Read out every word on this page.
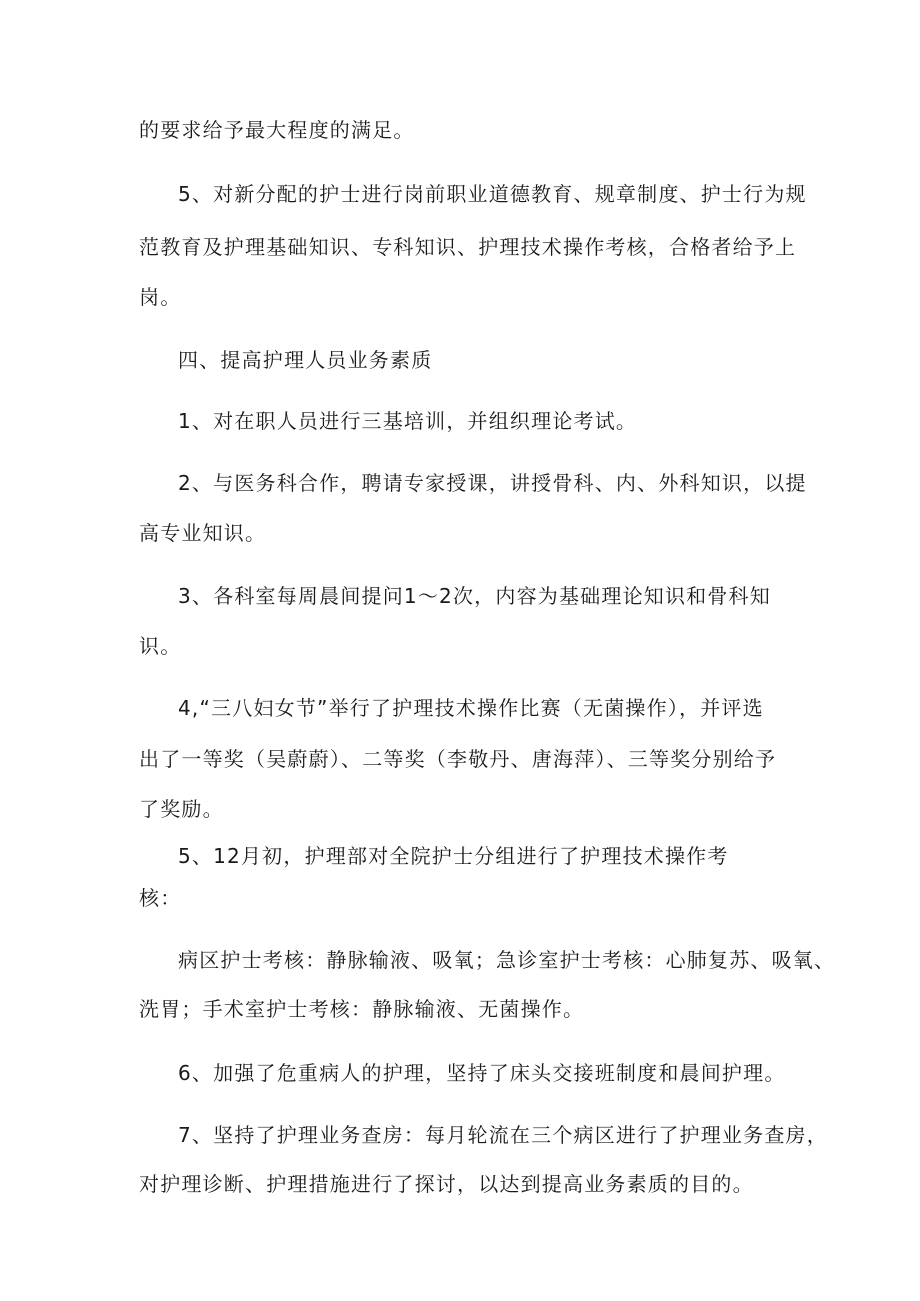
的要求给予最大程度的满足。
5、对新分配的护士进行岗前职业道德教育、规章制度、护士行为规
范教育及护理基础知识、专科知识、护理技术操作考核，合格者给予上
岗。
四、提高护理人员业务素质
1、对在职人员进行三基培训，并组织理论考试。
2、与医务科合作，聘请专家授课，讲授骨科、内、外科知识，以提
高专业知识。
3、各科室每周晨间提问1～2次，内容为基础理论知识和骨科知
识。
4,“三八妇女节”举行了护理技术操作比赛（无菌操作），并评选
出了一等奖（吴蔚蔚）、二等奖（李敬丹、唐海萍）、三等奖分别给予
了奖励。
5、12月初，护理部对全院护士分组进行了护理技术操作考
核：
病区护士考核：静脉输液、吸氧；急诊室护士考核：心肺复苏、吸氧、
洗胃；手术室护士考核：静脉输液、无菌操作。
6、加强了危重病人的护理，坚持了床头交接班制度和晨间护理。
7、坚持了护理业务查房：每月轮流在三个病区进行了护理业务查房，
对护理诊断、护理措施进行了探讨，以达到提高业务素质的目的。
